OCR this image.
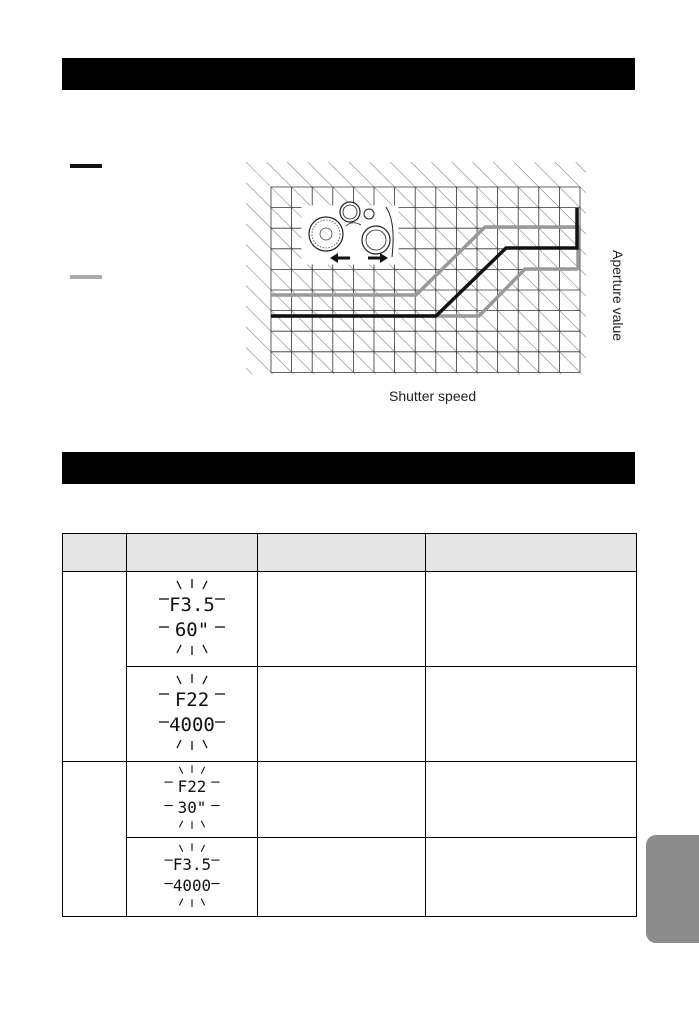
Shutter speed
Aperture value

F3.5
60"		

F22
4000		

F22
30"		

F3.5
4000		
